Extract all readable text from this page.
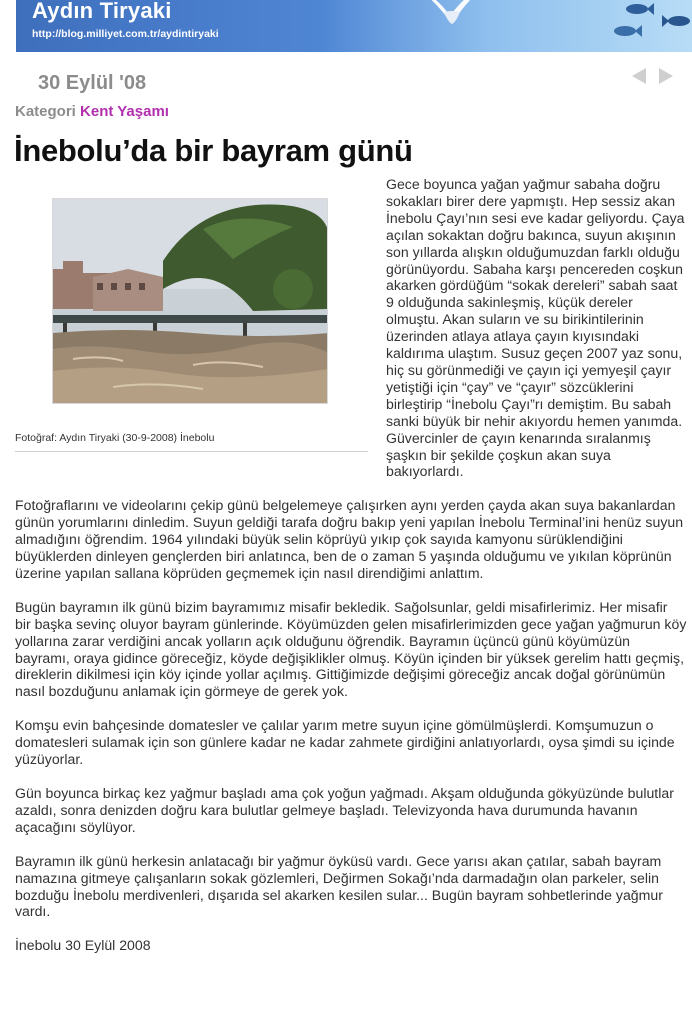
Aydın Tiryaki
http://blog.milliyet.com.tr/aydintiryaki
30 Eylül '08
Kategori Kent Yaşamı
İnebolu’da bir bayram günü
Fotoğraf: Aydın Tiryaki (30-9-2008) İnebolu

Gece boyunca yağan yağmur sabaha doğru sokakları birer dere yapmıştı. Hep sessiz akan İnebolu Çayı’nın sesi eve kadar geliyordu. Çaya açılan sokaktan doğru bakınca, suyun akışının son yıllarda alışkın olduğumuzdan farklı olduğu görünüyordu. Sabaha karşı pencereden coşkun akarken gördüğüm “sokak dereleri” sabah saat 9 olduğunda sakinleşmiş, küçük dereler olmuştu. Akan suların ve su birikintilerinin üzerinden atlaya atlaya çayın kıyısındaki kaldırıma ulaştım. Susuz geçen 2007 yaz sonu, hiç su görünmediği ve çayın içi yemyeşil çayır yetiştiği için “çay” ve “çayır” sözcüklerini birleştirip “İnebolu Çayı”rı demiştim. Bu sabah sanki büyük bir nehir akıyordu hemen yanımda. Güvercinler de çayın kenarında sıralanmış şaşkın bir şekilde çoşkun akan suya bakıyorlardı.

Fotoğraflarını ve videolarını çekip günü belgelemeye çalışırken aynı yerden çayda akan suya bakanlardan günün yorumlarını dinledim. Suyun geldiği tarafa doğru bakıp yeni yapılan İnebolu Terminal’ini henüz suyun almadığını öğrendim. 1964 yılındaki büyük selin köprüyü yıkıp çok sayıda kamyonu sürüklendiğini büyüklerden dinleyen gençlerden biri anlatınca, ben de o zaman 5 yaşında olduğumu ve yıkılan köprünün üzerine yapılan sallana köprüden geçmemek için nasıl direndiğimi anlattım.

Bugün bayramın ilk günü bizim bayramımız misafir bekledik. Sağolsunlar, geldi misafirlerimiz. Her misafir bir başka sevinç oluyor bayram günlerinde. Köyümüzden gelen misafirlerimizden gece yağan yağmurun köy yollarına zarar verdiğini ancak yolların açık olduğunu öğrendik. Bayramın üçüncü günü köyümüzün bayramı, oraya gidince göreceğiz, köyde değişiklikler olmuş. Köyün içinden bir yüksek gerelim hattı geçmiş, direklerin dikilmesi için köy içinde yollar açılmış. Gittiğimizde değişimi göreceğiz ancak doğal görünümün nasıl bozduğunu anlamak için görmeye de gerek yok.

Komşu evin bahçesinde domatesler ve çalılar yarım metre suyun içine gömülmüşlerdi. Komşumuzun o domatesleri sulamak için son günlere kadar ne kadar zahmete girdiğini anlatıyorlardı, oysa şimdi su içinde yüzüyorlar.

Gün boyunca birkaç kez yağmur başladı ama çok yoğun yağmadı. Akşam olduğunda gökyüzünde bulutlar azaldı, sonra denizden doğru kara bulutlar gelmeye başladı. Televizyonda hava durumunda havanın açacağını söylüyor.

Bayramın ilk günü herkesin anlatacağı bir yağmur öyküsü vardı. Gece yarısı akan çatılar, sabah bayram namazına gitmeye çalışanların sokak gözlemleri, Değirmen Sokağı’nda darmadağın olan parkeler, selin bozduğu İnebolu merdivenleri, dışarıda sel akarken kesilen sular... Bugün bayram sohbetlerinde yağmur vardı.

İnebolu 30 Eylül 2008
